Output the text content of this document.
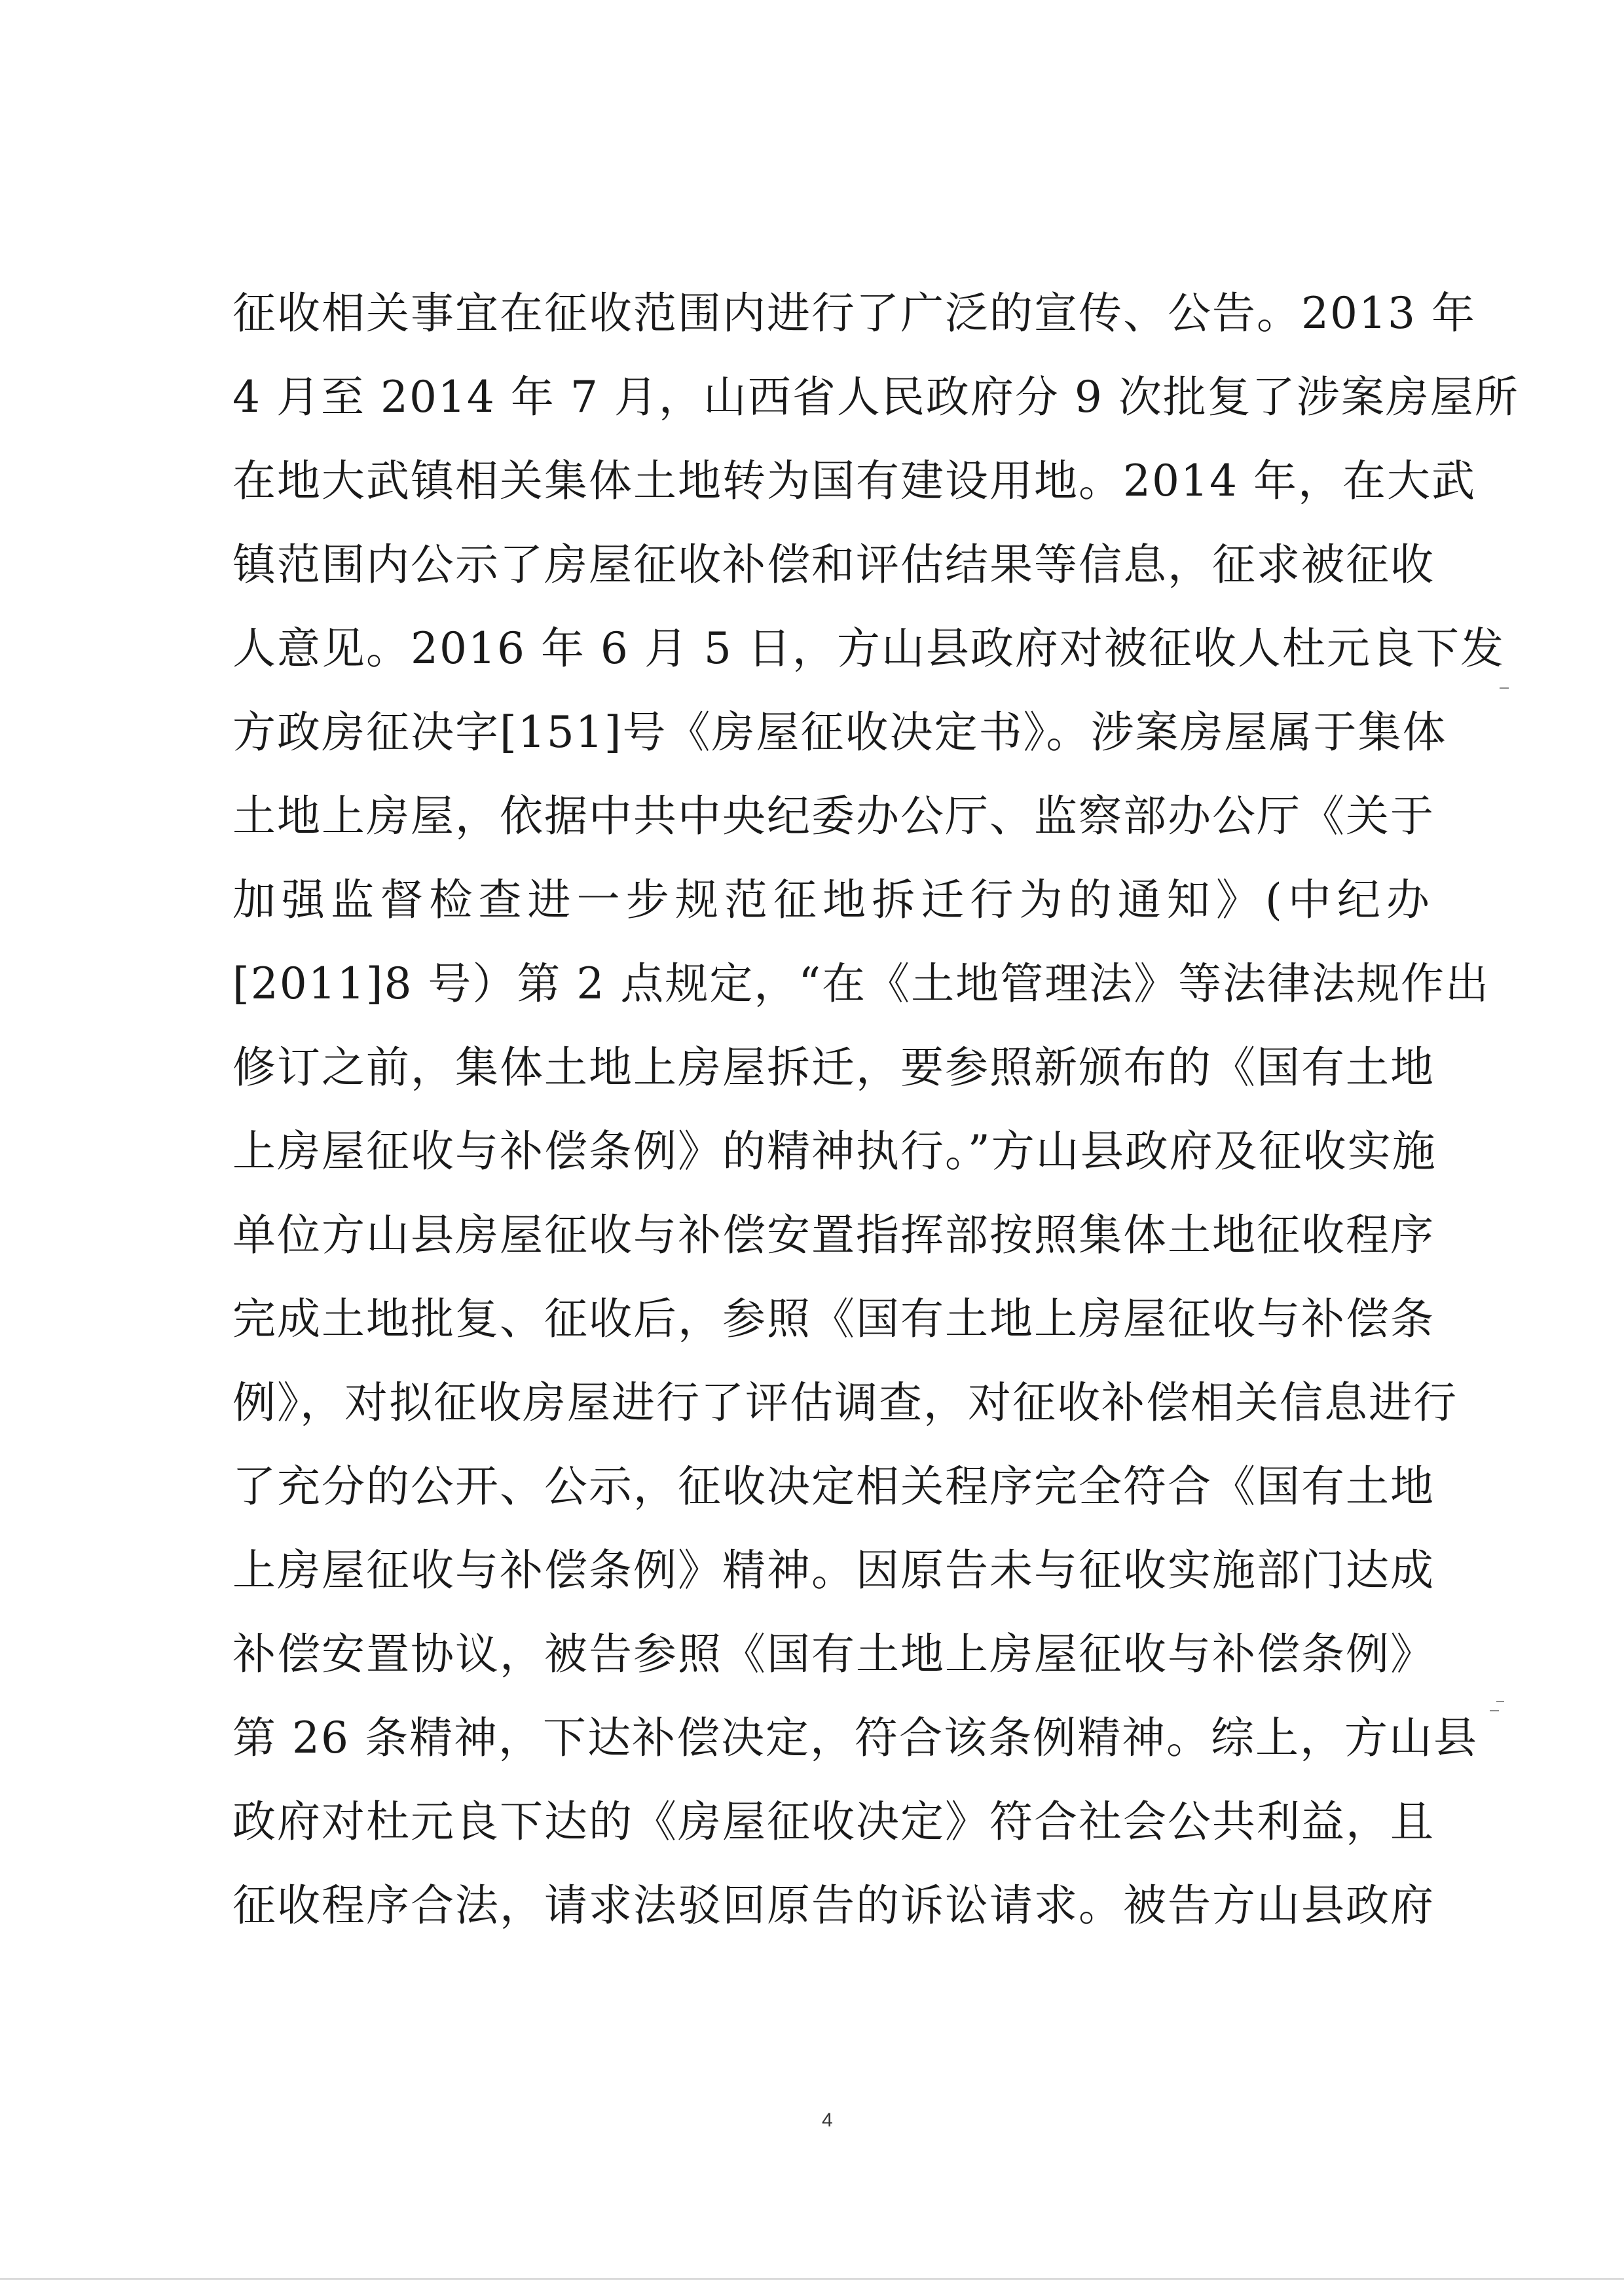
征收相关事宜在征收范围内进行了广泛的宣传、公告。2013 年
4 月至 2014 年 7 月，山西省人民政府分 9 次批复了涉案房屋所
在地大武镇相关集体土地转为国有建设用地。2014 年，在大武
镇范围内公示了房屋征收补偿和评估结果等信息，征求被征收
人意见。2016 年 6 月 5 日，方山县政府对被征收人杜元良下发
方政房征决字[151]号《房屋征收决定书》。涉案房屋属于集体
土地上房屋，依据中共中央纪委办公厅、监察部办公厅《关于
加强监督检查进一步规范征地拆迁行为的通知》(中纪办
[2011]8 号）第 2 点规定，“在《土地管理法》等法律法规作出
修订之前，集体土地上房屋拆迁，要参照新颁布的《国有土地
上房屋征收与补偿条例》的精神执行。”方山县政府及征收实施
单位方山县房屋征收与补偿安置指挥部按照集体土地征收程序
完成土地批复、征收后，参照《国有土地上房屋征收与补偿条
例》，对拟征收房屋进行了评估调查，对征收补偿相关信息进行
了充分的公开、公示，征收决定相关程序完全符合《国有土地
上房屋征收与补偿条例》精神。因原告未与征收实施部门达成
补偿安置协议，被告参照《国有土地上房屋征收与补偿条例》
第 26 条精神，下达补偿决定，符合该条例精神。综上，方山县
政府对杜元良下达的《房屋征收决定》符合社会公共利益，且
征收程序合法，请求法驳回原告的诉讼请求。被告方山县政府
4
